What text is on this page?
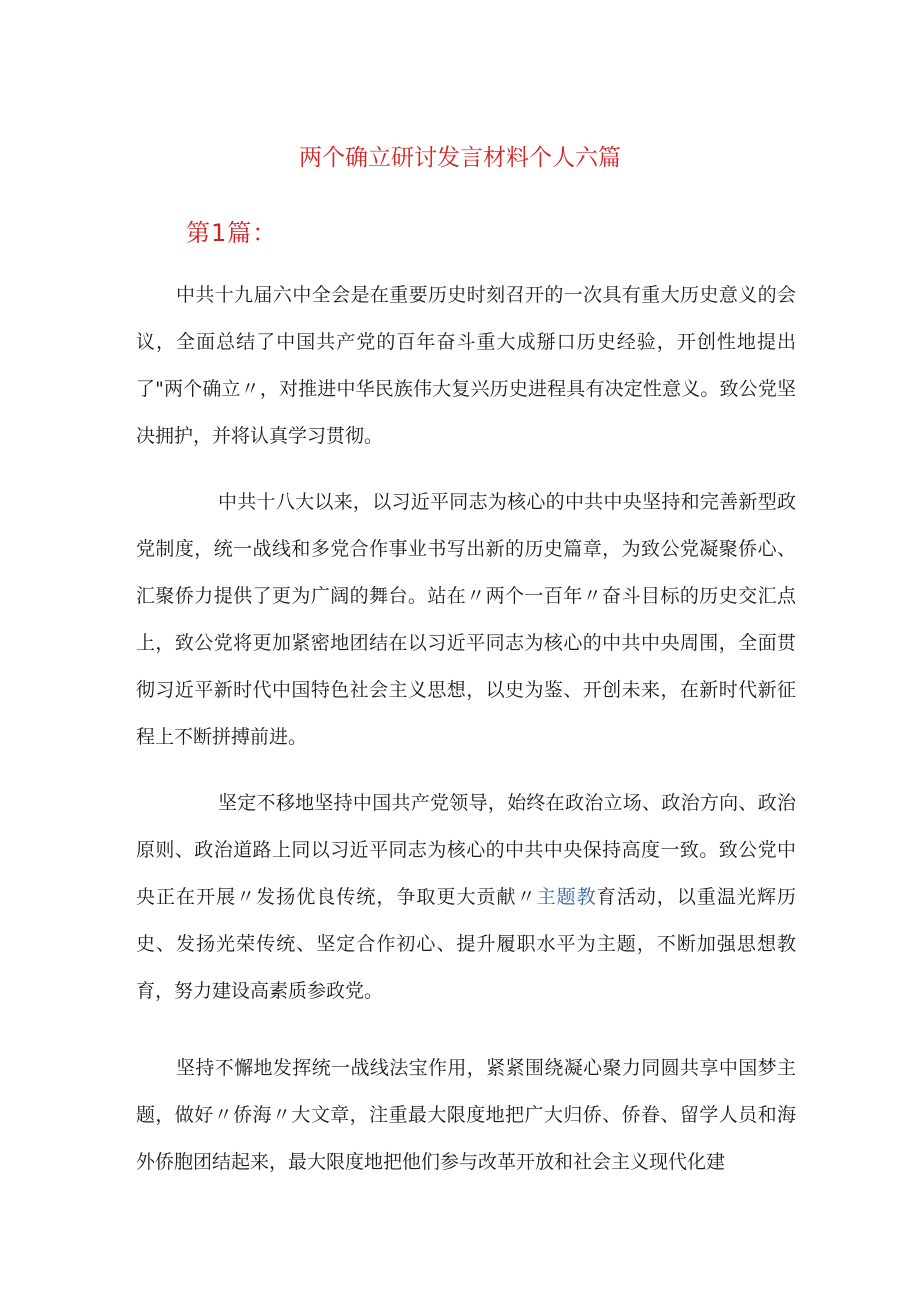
两个确立研讨发言材料个人六篇
第1篇：

中共十九届六中全会是在重要历史时刻召开的一次具有重大历史意义的会议，全面总结了中国共产党的百年奋斗重大成掰口历史经验，开创性地提出了"两个确立〃，对推进中华民族伟大复兴历史进程具有决定性意义。致公党坚决拥护，并将认真学习贯彻。

中共十八大以来，以习近平同志为核心的中共中央坚持和完善新型政党制度，统一战线和多党合作事业书写出新的历史篇章，为致公党凝聚侨心、汇聚侨力提供了更为广阔的舞台。站在〃两个一百年〃奋斗目标的历史交汇点上，致公党将更加紧密地团结在以习近平同志为核心的中共中央周围，全面贯彻习近平新时代中国特色社会主义思想，以史为鉴、开创未来，在新时代新征程上不断拼搏前进。

坚定不移地坚持中国共产党领导，始终在政治立场、政治方向、政治原则、政治道路上同以习近平同志为核心的中共中央保持高度一致。致公党中央正在开展〃发扬优良传统，争取更大贡献〃主题教育活动，以重温光辉历史、发扬光荣传统、坚定合作初心、提升履职水平为主题，不断加强思想教育，努力建设高素质参政党。

坚持不懈地发挥统一战线法宝作用，紧紧围绕凝心聚力同圆共享中国梦主题，做好〃侨海〃大文章，注重最大限度地把广大归侨、侨眷、留学人员和海外侨胞团结起来，最大限度地把他们参与改革开放和社会主义现代化建
